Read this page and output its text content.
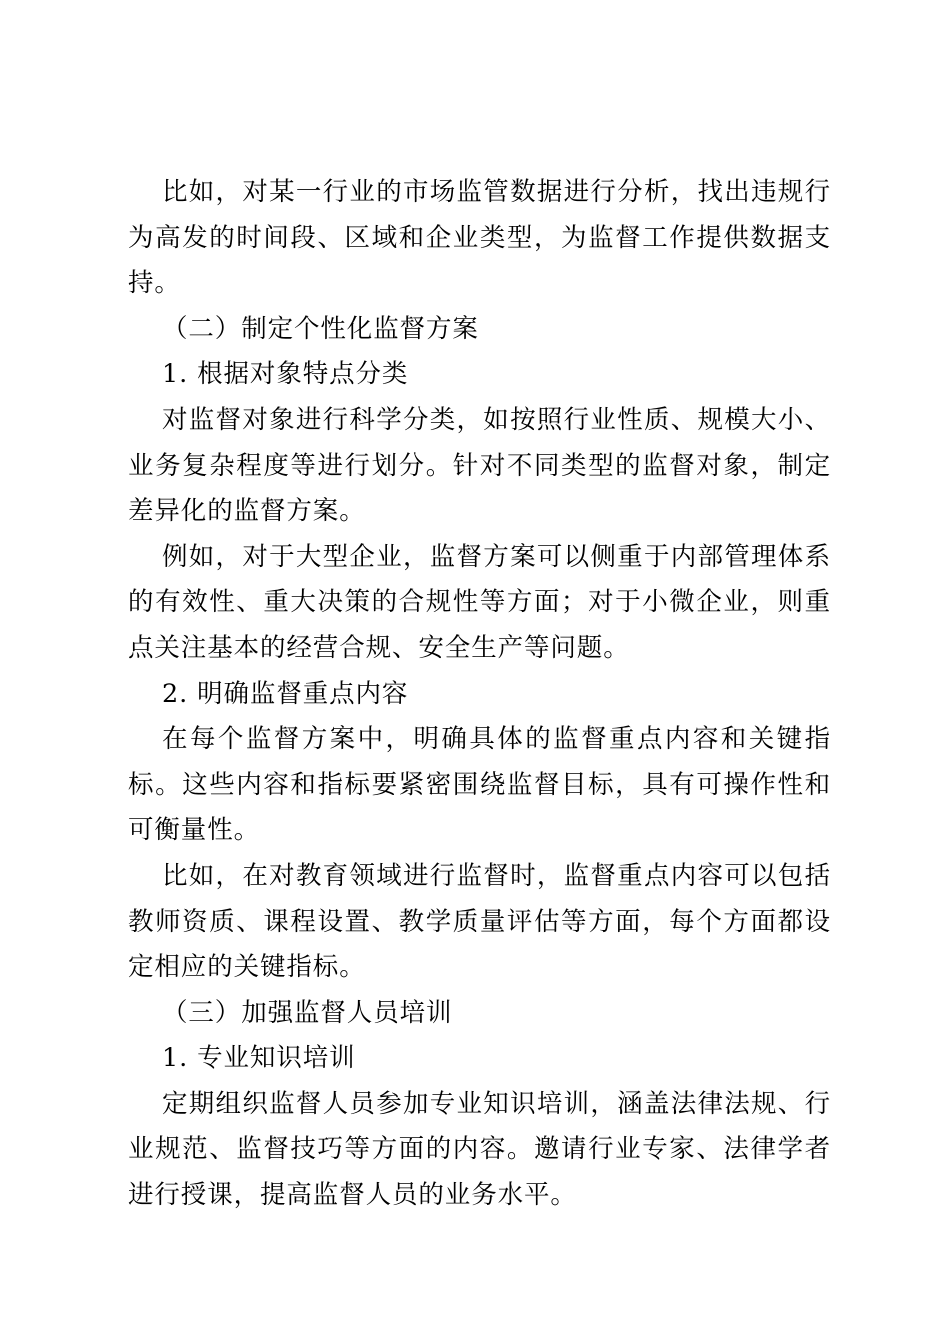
比如，对某一行业的市场监管数据进行分析，找出违规行为高发的时间段、区域和企业类型，为监督工作提供数据支持。

（二）制定个性化监督方案

1. 根据对象特点分类

对监督对象进行科学分类，如按照行业性质、规模大小、业务复杂程度等进行划分。针对不同类型的监督对象，制定差异化的监督方案。

例如，对于大型企业，监督方案可以侧重于内部管理体系的有效性、重大决策的合规性等方面；对于小微企业，则重点关注基本的经营合规、安全生产等问题。

2. 明确监督重点内容

在每个监督方案中，明确具体的监督重点内容和关键指标。这些内容和指标要紧密围绕监督目标，具有可操作性和可衡量性。

比如，在对教育领域进行监督时，监督重点内容可以包括教师资质、课程设置、教学质量评估等方面，每个方面都设定相应的关键指标。

（三）加强监督人员培训

1. 专业知识培训

定期组织监督人员参加专业知识培训，涵盖法律法规、行业规范、监督技巧等方面的内容。邀请行业专家、法律学者进行授课，提高监督人员的业务水平。
